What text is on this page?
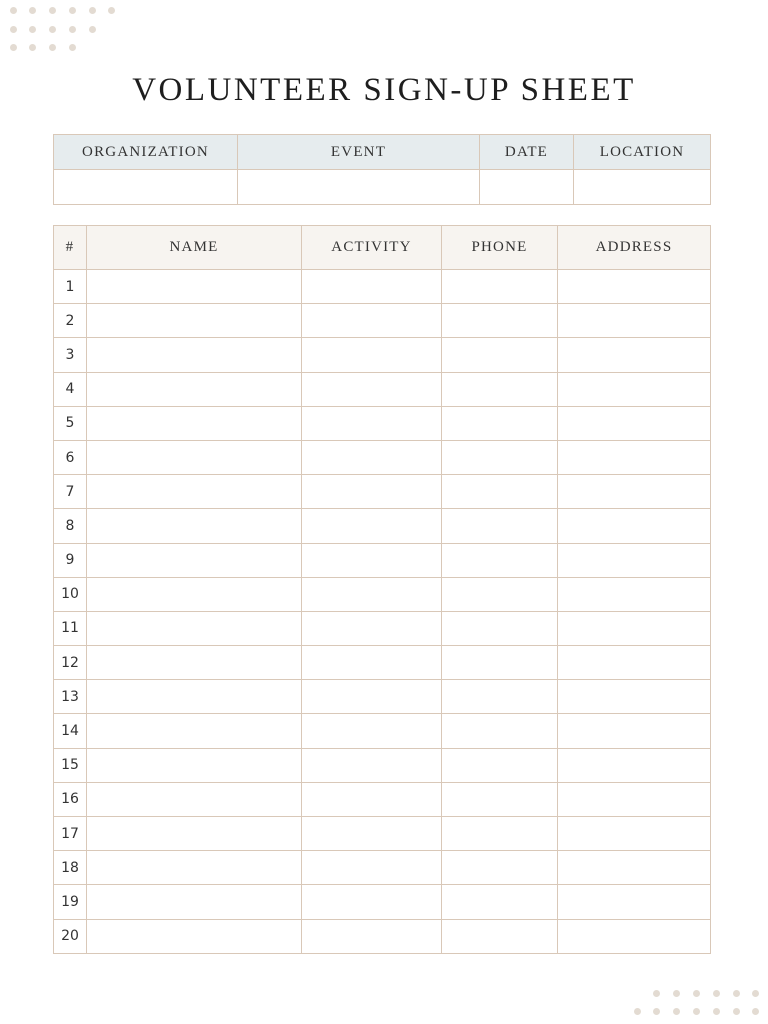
VOLUNTEER SIGN-UP SHEET
ORGANIZATION	EVENT	DATE	LOCATION

#	NAME	ACTIVITY	PHONE	ADDRESS
1				
2				
3				
4				
5				
6				
7				
8				
9				
10				
11				
12				
13				
14				
15				
16				
17				
18				
19				
20				
